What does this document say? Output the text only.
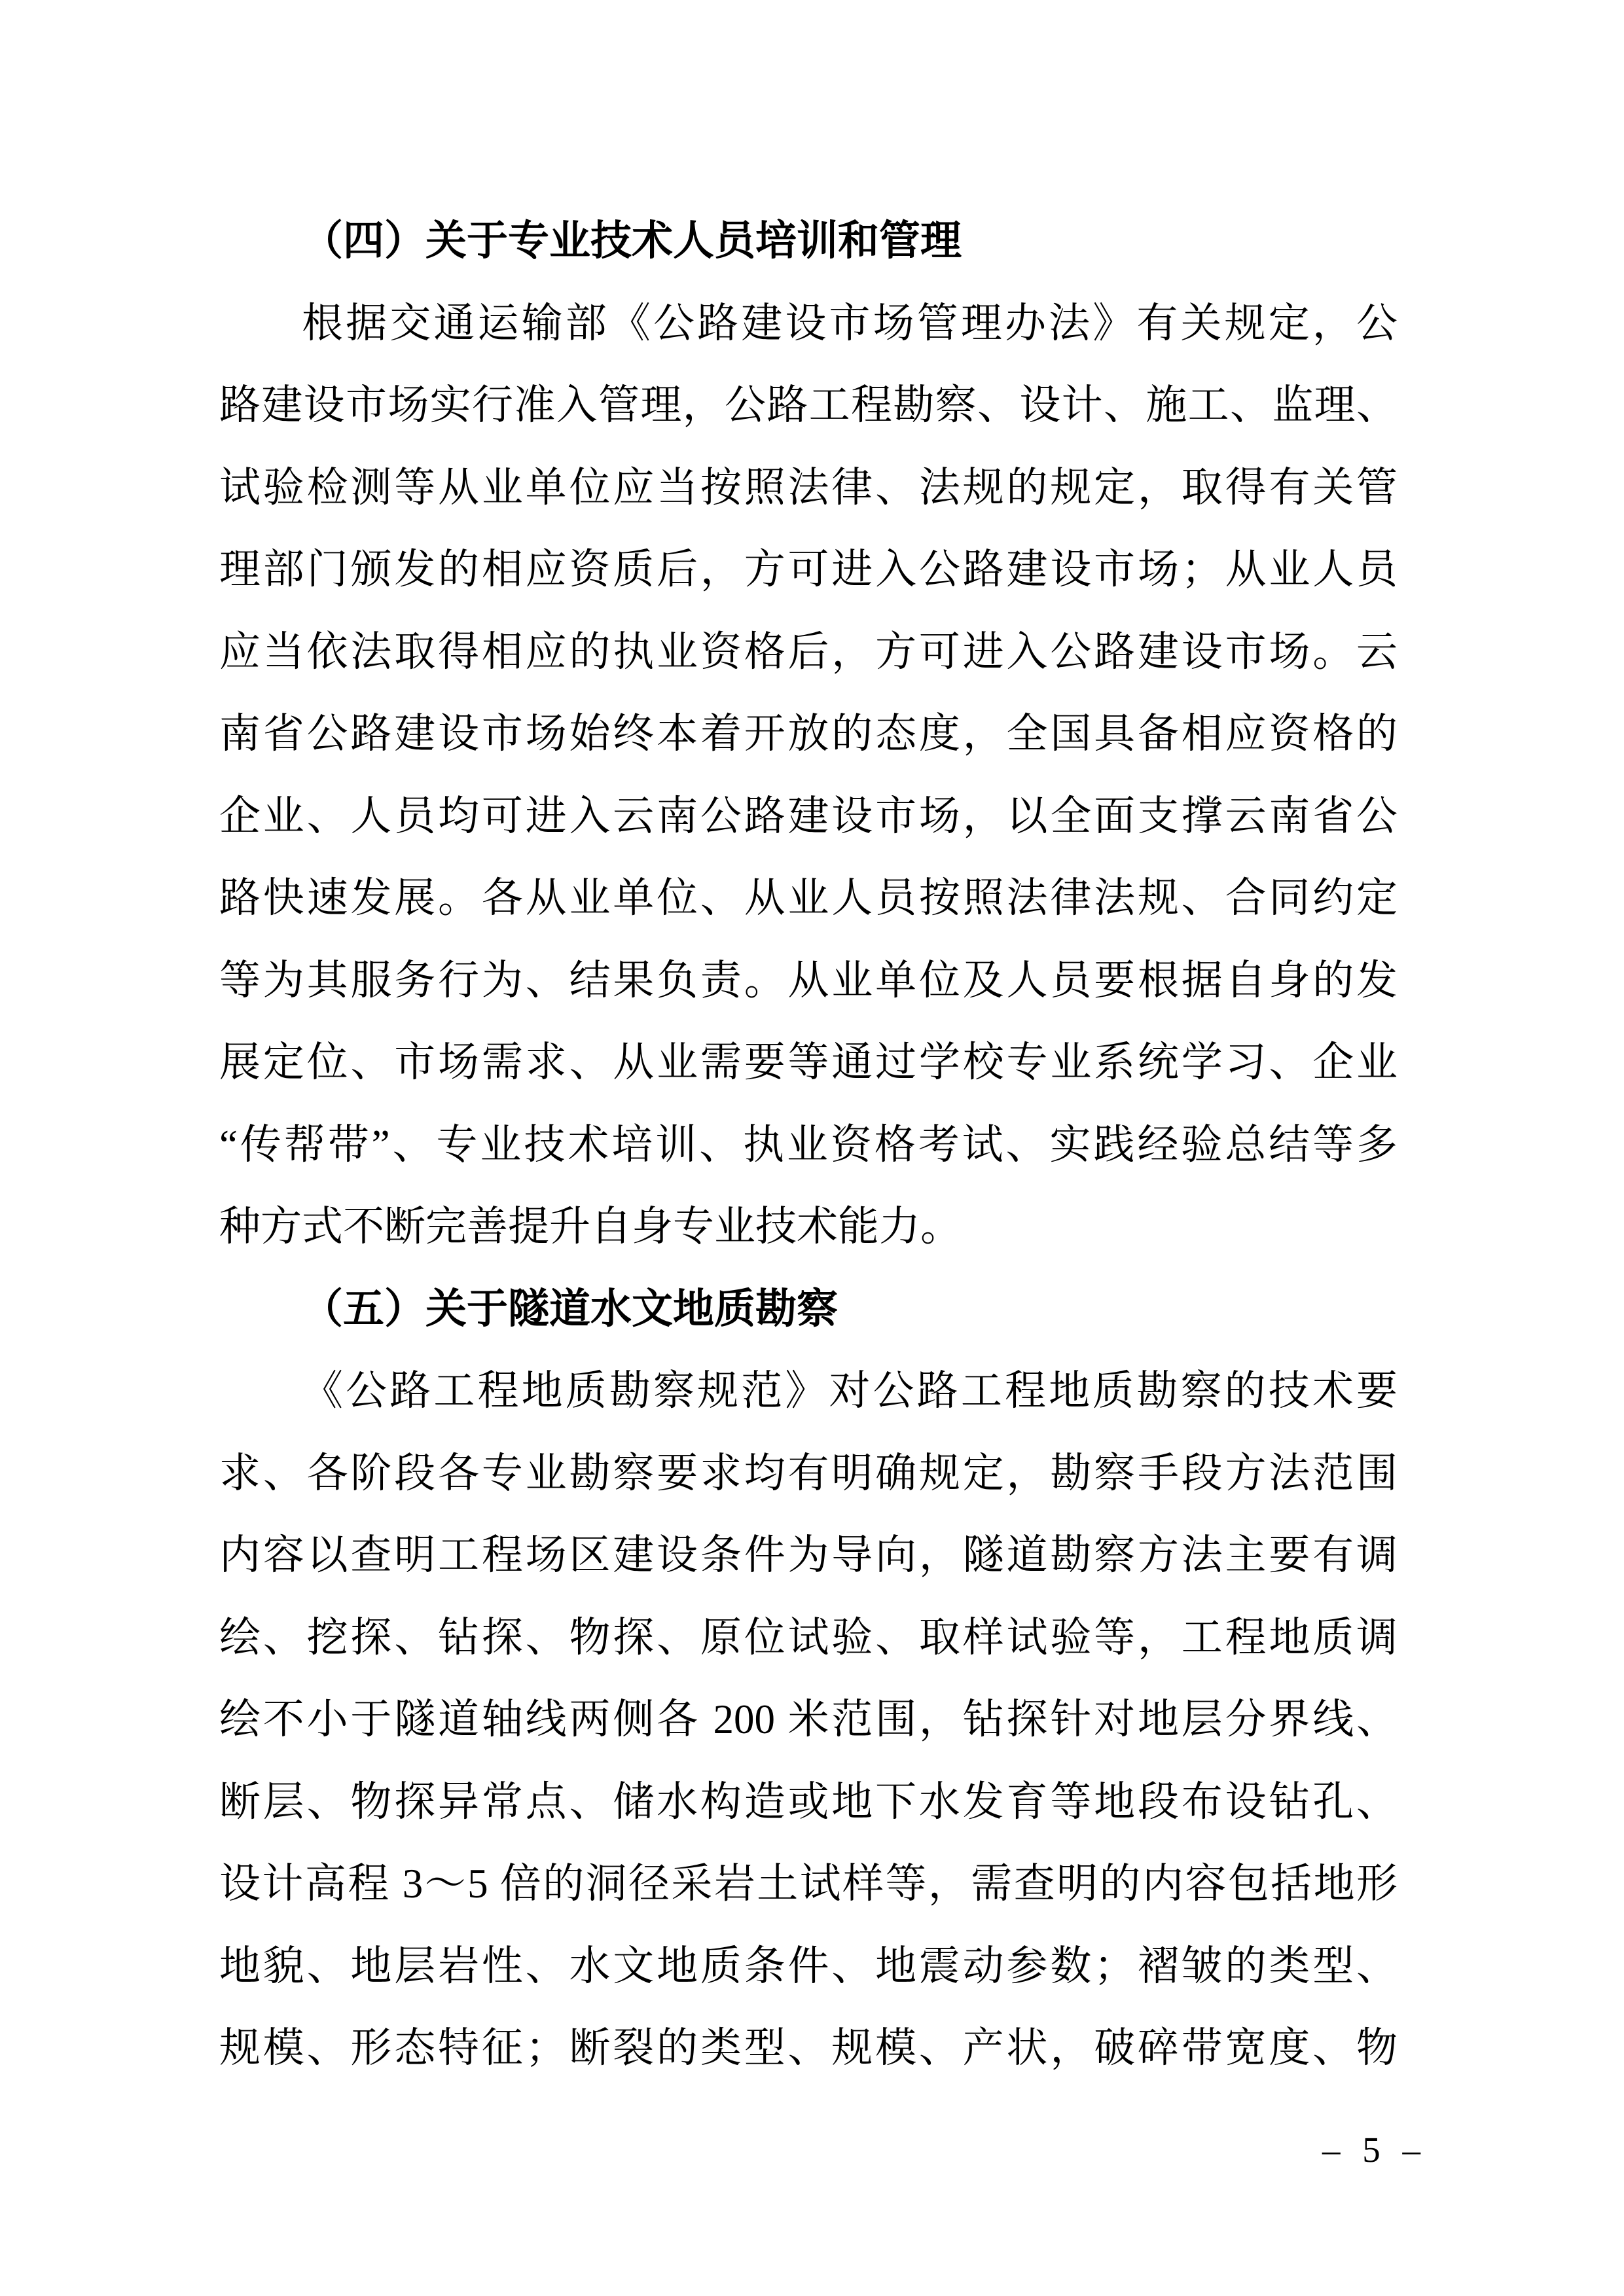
（四）关于专业技术人员培训和管理
根据交通运输部《公路建设市场管理办法》有关规定，公
路建设市场实行准入管理，公路工程勘察、设计、施工、监理、
试验检测等从业单位应当按照法律、法规的规定，取得有关管
理部门颁发的相应资质后，方可进入公路建设市场；从业人员
应当依法取得相应的执业资格后，方可进入公路建设市场。云
南省公路建设市场始终本着开放的态度，全国具备相应资格的
企业、人员均可进入云南公路建设市场，以全面支撑云南省公
路快速发展。各从业单位、从业人员按照法律法规、合同约定
等为其服务行为、结果负责。从业单位及人员要根据自身的发
展定位、市场需求、从业需要等通过学校专业系统学习、企业
“传帮带”、专业技术培训、执业资格考试、实践经验总结等多
种方式不断完善提升自身专业技术能力。
（五）关于隧道水文地质勘察
《公路工程地质勘察规范》对公路工程地质勘察的技术要
求、各阶段各专业勘察要求均有明确规定，勘察手段方法范围
内容以查明工程场区建设条件为导向，隧道勘察方法主要有调
绘、挖探、钻探、物探、原位试验、取样试验等，工程地质调
绘不小于隧道轴线两侧各 200 米范围，钻探针对地层分界线、
断层、物探异常点、储水构造或地下水发育等地段布设钻孔、
设计高程 3～5 倍的洞径采岩土试样等，需查明的内容包括地形
地貌、地层岩性、水文地质条件、地震动参数；褶皱的类型、
规模、形态特征；断裂的类型、规模、产状，破碎带宽度、物
– 5 –
